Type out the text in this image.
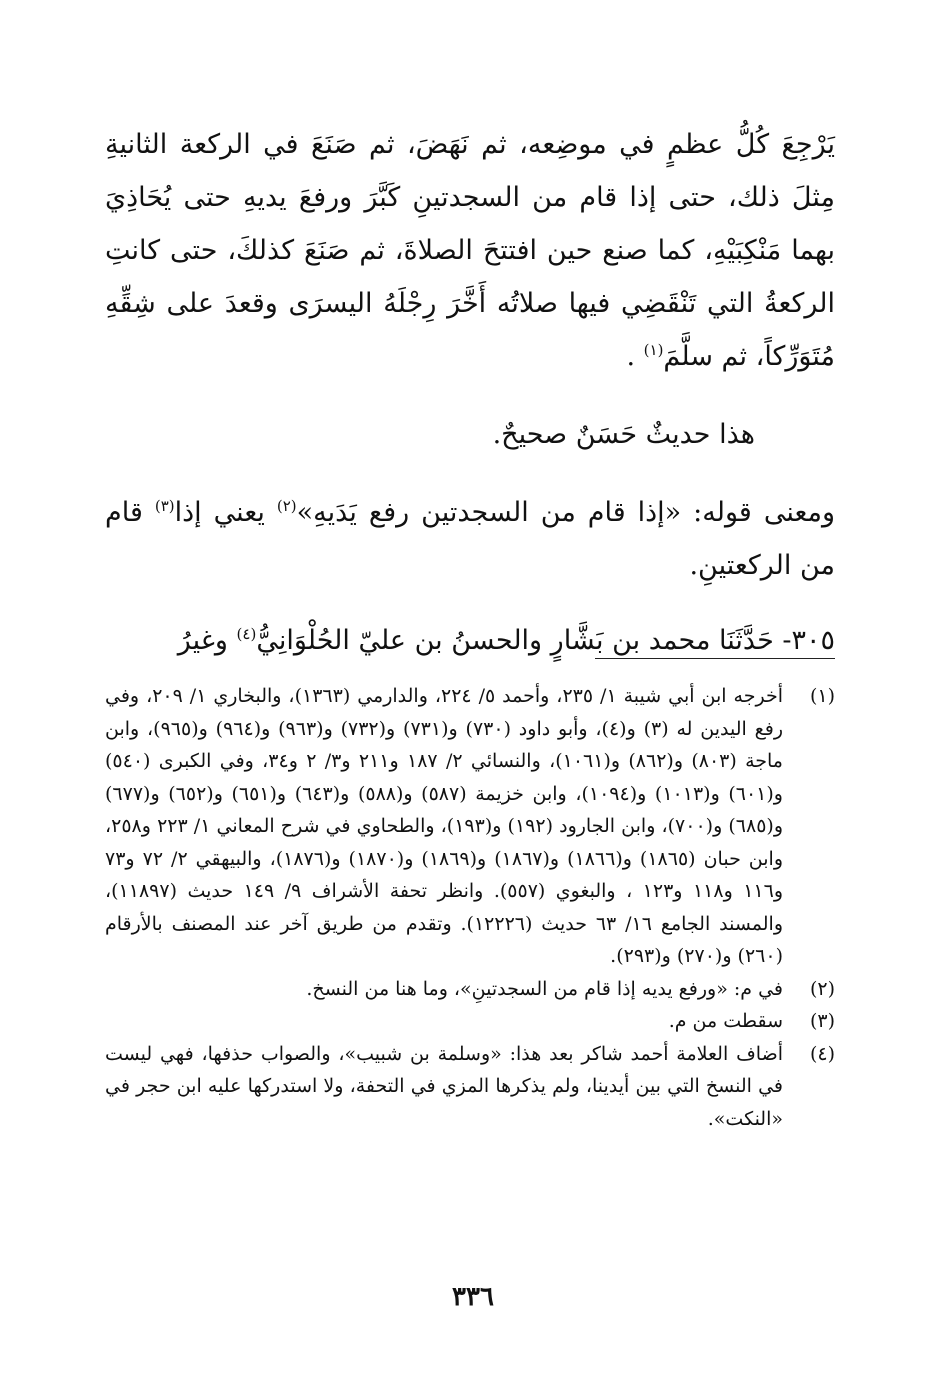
يَرْجِعَ كُلُّ عظمٍ في موضِعه، ثم نَهَضَ، ثم صَنَعَ في الركعة الثانيةِ مِثلَ ذلك، حتى إذا قام من السجدتينِ كَبَّرَ ورفعَ يديهِ حتى يُحَاذِيَ بهما مَنْكِبَيْهِ، كما صنع حين افتتحَ الصلاةَ، ثم صَنَعَ كذلكَ، حتى كانتِ الركعةُ التي تَنْقَضِي فيها صلاتُه أَخَّرَ رِجْلَهُ اليسرَى وقعدَ على شِقِّهِ مُتَوَرِّكاً، ثم سلَّمَ$^{(١)}$ .

هذا حديثٌ حَسَنٌ صحيحٌ.

ومعنى قوله: «إذا قام من السجدتين رفع يَدَيهِ»$^{(٢)}$ يعني إذا$^{(٣)}$ قام من الركعتينِ.

٣٠٥- حَدَّثَنَا محمد بن بَشَّارٍ والحسنُ بن عليّ الحُلْوَانِيُّ$^{(٤)}$ وغيرُ

(١)
أخرجه ابن أبي شيبة ١/ ٢٣٥، وأحمد ٥/ ٢٢٤، والدارمي (١٣٦٣)، والبخاري ١/ ٢٠٩، وفي رفع اليدين له (٣) و(٤)، وأبو داود (٧٣٠) و(٧٣١) و(٧٣٢) و(٩٦٣) و(٩٦٤) و(٩٦٥)، وابن ماجة (٨٠٣) و(٨٦٢) و(١٠٦١)، والنسائي ٢/ ١٨٧ و٢١١ و٣/ ٢ و٣٤، وفي الكبرى (٥٤٠) و(٦٠١) و(١٠١٣) و(١٠٩٤)، وابن خزيمة (٥٨٧) و(٥٨٨) و(٦٤٣) و(٦٥١) و(٦٥٢) و(٦٧٧) و(٦٨٥) و(٧٠٠)، وابن الجارود (١٩٢) و(١٩٣)، والطحاوي في شرح المعاني ١/ ٢٢٣ و٢٥٨، وابن حبان (١٨٦٥) و(١٨٦٦) و(١٨٦٧) و(١٨٦٩) و(١٨٧٠) و(١٨٧٦)، والبيهقي ٢/ ٧٢ و٧٣ و١١٦ و١١٨ و١٢٣ ، والبغوي (٥٥٧). وانظر تحفة الأشراف ٩/ ١٤٩ حديث (١١٨٩٧)، والمسند الجامع ١٦/ ٦٣ حديث (١٢٢٢٦). وتقدم من طريق آخر عند المصنف بالأرقام (٢٦٠) و(٢٧٠) و(٢٩٣).
(٢)
في م: «ورفع يديه إذا قام من السجدتينِ»، وما هنا من النسخ.
(٣)
سقطت من م.
(٤)
أضاف العلامة أحمد شاكر بعد هذا: «وسلمة بن شبيب»، والصواب حذفها، فهي ليست في النسخ التي بين أيدينا، ولم يذكرها المزي في التحفة، ولا استدركها عليه ابن حجر في «النكت».
٣٣٦
